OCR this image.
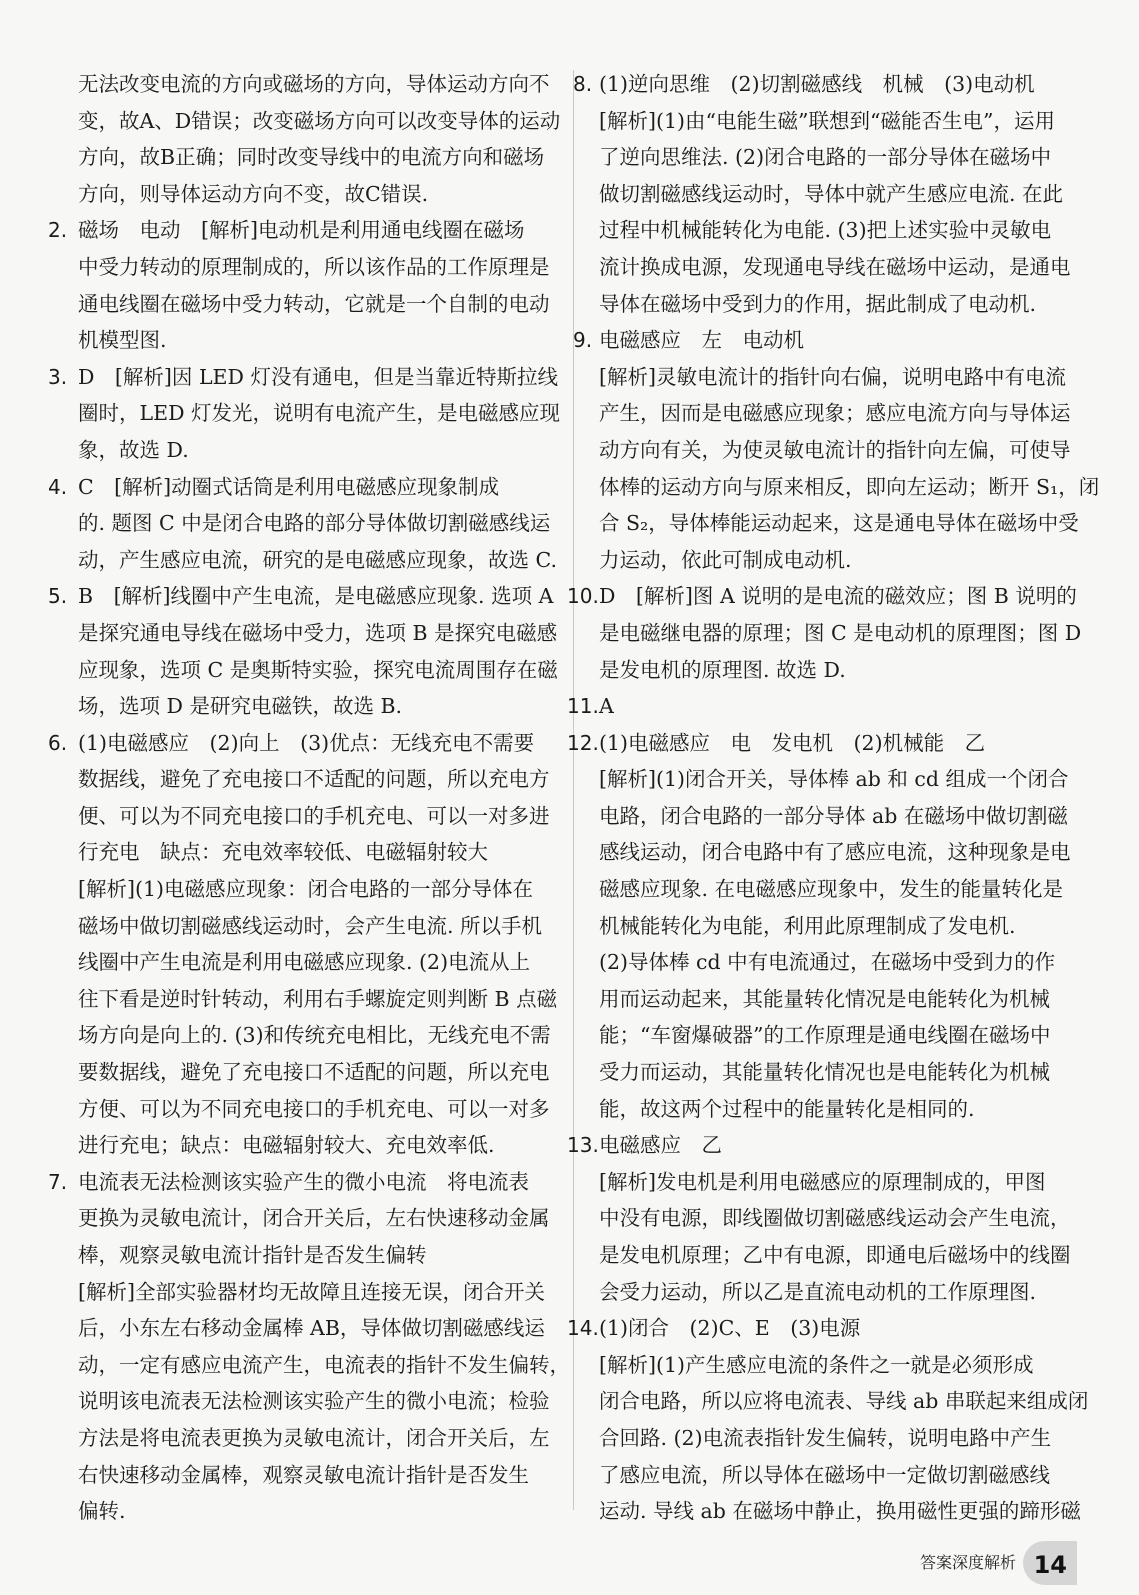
无法改变电流的方向或磁场的方向，导体运动方向不
变，故A、D错误；改变磁场方向可以改变导体的运动
方向，故B正确；同时改变导线中的电流方向和磁场
方向，则导体运动方向不变，故C错误.
2. 磁场　电动　[解析]电动机是利用通电线圈在磁场
中受力转动的原理制成的，所以该作品的工作原理是
通电线圈在磁场中受力转动，它就是一个自制的电动
机模型图.
3. D　[解析]因 LED 灯没有通电，但是当靠近特斯拉线
圈时，LED 灯发光，说明有电流产生，是电磁感应现
象，故选 D.
4. C　[解析]动圈式话筒是利用电磁感应现象制成
的. 题图 C 中是闭合电路的部分导体做切割磁感线运
动，产生感应电流，研究的是电磁感应现象，故选 C.
5. B　[解析]线圈中产生电流，是电磁感应现象. 选项 A
是探究通电导线在磁场中受力，选项 B 是探究电磁感
应现象，选项 C 是奥斯特实验，探究电流周围存在磁
场，选项 D 是研究电磁铁，故选 B.
6. (1)电磁感应　(2)向上　(3)优点：无线充电不需要
数据线，避免了充电接口不适配的问题，所以充电方
便、可以为不同充电接口的手机充电、可以一对多进
行充电　缺点：充电效率较低、电磁辐射较大
[解析](1)电磁感应现象：闭合电路的一部分导体在
磁场中做切割磁感线运动时，会产生电流. 所以手机
线圈中产生电流是利用电磁感应现象. (2)电流从上
往下看是逆时针转动，利用右手螺旋定则判断 B 点磁
场方向是向上的. (3)和传统充电相比，无线充电不需
要数据线，避免了充电接口不适配的问题，所以充电
方便、可以为不同充电接口的手机充电、可以一对多
进行充电；缺点：电磁辐射较大、充电效率低.
7. 电流表无法检测该实验产生的微小电流　将电流表
更换为灵敏电流计，闭合开关后，左右快速移动金属
棒，观察灵敏电流计指针是否发生偏转
[解析]全部实验器材均无故障且连接无误，闭合开关
后，小东左右移动金属棒 AB，导体做切割磁感线运
动，一定有感应电流产生，电流表的指针不发生偏转，
说明该电流表无法检测该实验产生的微小电流；检验
方法是将电流表更换为灵敏电流计，闭合开关后，左
右快速移动金属棒，观察灵敏电流计指针是否发生
偏转.
8. (1)逆向思维　(2)切割磁感线　机械　(3)电动机
[解析](1)由“电能生磁”联想到“磁能否生电”，运用
了逆向思维法. (2)闭合电路的一部分导体在磁场中
做切割磁感线运动时，导体中就产生感应电流. 在此
过程中机械能转化为电能. (3)把上述实验中灵敏电
流计换成电源，发现通电导线在磁场中运动，是通电
导体在磁场中受到力的作用，据此制成了电动机.
9. 电磁感应　左　电动机
[解析]灵敏电流计的指针向右偏，说明电路中有电流
产生，因而是电磁感应现象；感应电流方向与导体运
动方向有关，为使灵敏电流计的指针向左偏，可使导
体棒的运动方向与原来相反，即向左运动；断开 S₁，闭
合 S₂，导体棒能运动起来，这是通电导体在磁场中受
力运动，依此可制成电动机.
10. D　[解析]图 A 说明的是电流的磁效应；图 B 说明的
是电磁继电器的原理；图 C 是电动机的原理图；图 D
是发电机的原理图. 故选 D.
11. A
12. (1)电磁感应　电　发电机　(2)机械能　乙
[解析](1)闭合开关，导体棒 ab 和 cd 组成一个闭合
电路，闭合电路的一部分导体 ab 在磁场中做切割磁
感线运动，闭合电路中有了感应电流，这种现象是电
磁感应现象. 在电磁感应现象中，发生的能量转化是
机械能转化为电能，利用此原理制成了发电机.
(2)导体棒 cd 中有电流通过，在磁场中受到力的作
用而运动起来，其能量转化情况是电能转化为机械
能；“车窗爆破器”的工作原理是通电线圈在磁场中
受力而运动，其能量转化情况也是电能转化为机械
能，故这两个过程中的能量转化是相同的.
13. 电磁感应　乙
[解析]发电机是利用电磁感应的原理制成的，甲图
中没有电源，即线圈做切割磁感线运动会产生电流，
是发电机原理；乙中有电源，即通电后磁场中的线圈
会受力运动，所以乙是直流电动机的工作原理图.
14. (1)闭合　(2)C、E　(3)电源
[解析](1)产生感应电流的条件之一就是必须形成
闭合电路，所以应将电流表、导线 ab 串联起来组成闭
合回路. (2)电流表指针发生偏转，说明电路中产生
了感应电流，所以导体在磁场中一定做切割磁感线
运动. 导线 ab 在磁场中静止，换用磁性更强的蹄形磁
答案深度解析 14
